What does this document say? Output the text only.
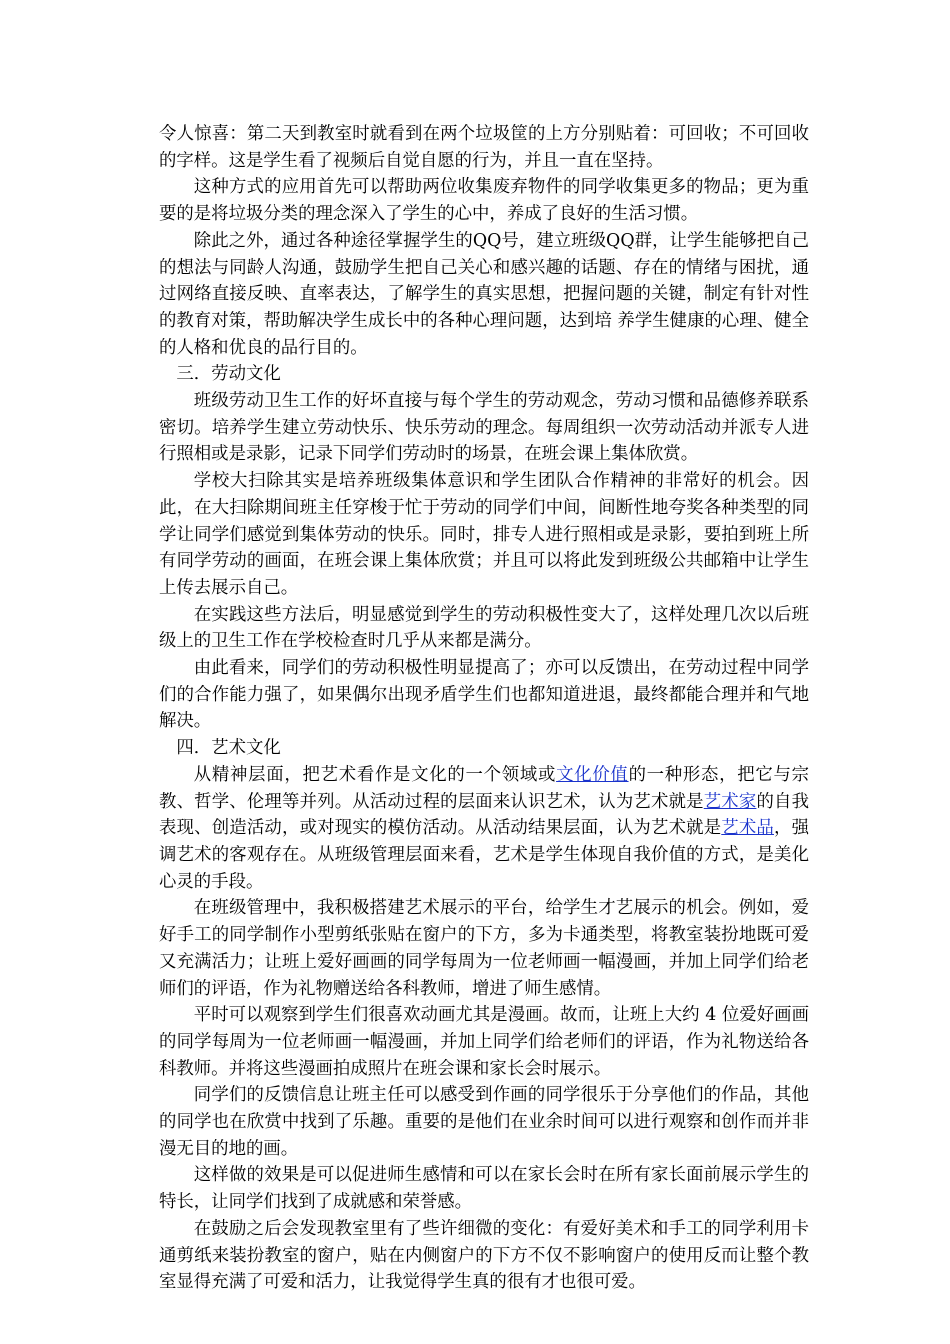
令人惊喜：第二天到教室时就看到在两个垃圾筐的上方分别贴着：可回收；不可回收的字样。这是学生看了视频后自觉自愿的行为，并且一直在坚持。

这种方式的应用首先可以帮助两位收集废弃物件的同学收集更多的物品；更为重要的是将垃圾分类的理念深入了学生的心中，养成了良好的生活习惯。

除此之外，通过各种途径掌握学生的QQ号，建立班级QQ群，让学生能够把自己的想法与同龄人沟通，鼓励学生把自己关心和感兴趣的话题、存在的情绪与困扰，通过网络直接反映、直率表达，了解学生的真实思想，把握问题的关键，制定有针对性的教育对策，帮助解决学生成长中的各种心理问题，达到培 养学生健康的心理、健全的人格和优良的品行目的。

三．劳动文化

班级劳动卫生工作的好坏直接与每个学生的劳动观念，劳动习惯和品德修养联系密切。培养学生建立劳动快乐、快乐劳动的理念。每周组织一次劳动活动并派专人进行照相或是录影，记录下同学们劳动时的场景，在班会课上集体欣赏。

学校大扫除其实是培养班级集体意识和学生团队合作精神的非常好的机会。因此，在大扫除期间班主任穿梭于忙于劳动的同学们中间，间断性地夸奖各种类型的同学让同学们感觉到集体劳动的快乐。同时，排专人进行照相或是录影，要拍到班上所有同学劳动的画面，在班会课上集体欣赏；并且可以将此发到班级公共邮箱中让学生上传去展示自己。

在实践这些方法后，明显感觉到学生的劳动积极性变大了，这样处理几次以后班级上的卫生工作在学校检查时几乎从来都是满分。

由此看来，同学们的劳动积极性明显提高了；亦可以反馈出，在劳动过程中同学们的合作能力强了，如果偶尔出现矛盾学生们也都知道进退，最终都能合理并和气地解决。

四．艺术文化

从精神层面，把艺术看作是文化的一个领域或文化价值的一种形态，把它与宗教、哲学、伦理等并列。从活动过程的层面来认识艺术，认为艺术就是艺术家的自我表现、创造活动，或对现实的模仿活动。从活动结果层面，认为艺术就是艺术品，强调艺术的客观存在。从班级管理层面来看，艺术是学生体现自我价值的方式，是美化心灵的手段。

在班级管理中，我积极搭建艺术展示的平台，给学生才艺展示的机会。例如，爱好手工的同学制作小型剪纸张贴在窗户的下方，多为卡通类型，将教室装扮地既可爱又充满活力；让班上爱好画画的同学每周为一位老师画一幅漫画，并加上同学们给老师们的评语，作为礼物赠送给各科教师，增进了师生感情。

平时可以观察到学生们很喜欢动画尤其是漫画。故而，让班上大约 4 位爱好画画的同学每周为一位老师画一幅漫画，并加上同学们给老师们的评语，作为礼物送给各科教师。并将这些漫画拍成照片在班会课和家长会时展示。

同学们的反馈信息让班主任可以感受到作画的同学很乐于分享他们的作品，其他的同学也在欣赏中找到了乐趣。重要的是他们在业余时间可以进行观察和创作而并非漫无目的地的画。

这样做的效果是可以促进师生感情和可以在家长会时在所有家长面前展示学生的特长，让同学们找到了成就感和荣誉感。

在鼓励之后会发现教室里有了些许细微的变化：有爱好美术和手工的同学利用卡通剪纸来装扮教室的窗户，贴在内侧窗户的下方不仅不影响窗户的使用反而让整个教室显得充满了可爱和活力，让我觉得学生真的很有才也很可爱。
